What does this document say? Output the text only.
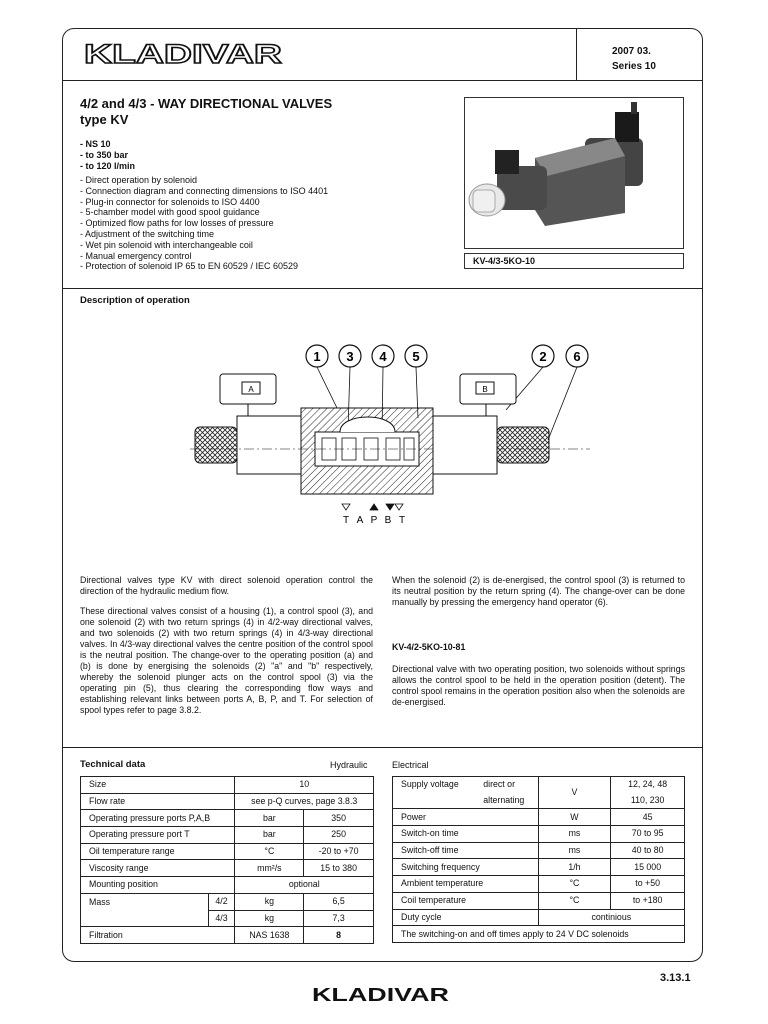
KLADIVAR	2007 03.
Series 10
4/2 and 4/3 - WAY DIRECTIONAL VALVES
type KV
- NS 10
- to 350 bar
- to 120 l/min
- Direct operation by solenoid
- Connection diagram and connecting dimensions to ISO 4401
- Plug-in connector for solenoids to ISO 4400
- 5-chamber model with good spool guidance
- Optimized flow paths for low losses of pressure
- Adjustment of the switching time
- Wet pin solenoid with interchangeable coil
- Manual emergency control
- Protection of solenoid IP 65 to EN 60529 / IEC 60529
KV-4/3-5KO-10
Description of operation
1 3 4 5	2 6
A	B
T A P B T

Directional valves type KV with direct solenoid operation control the direction of the hydraulic medium flow.

These directional valves consist of a housing (1), a control spool (3), and one solenoid (2) with two return springs (4) in 4/2-way directional valves, and two solenoids (2) with two return springs (4) in 4/3-way directional valves. In 4/3-way directional valves the centre position of the control spool is the neutral position. The change-over to the operating position (a) and (b) is done by energising the solenoids (2) "a" and "b" respectively, whereby the solenoid plunger acts on the control spool (3) via the operating pin (5), thus clearing the corresponding flow ways and establishing relevant links between ports A, B, P, and T. For selection of spool types refer to page 3.8.2.

When the solenoid (2) is de-energised, the control spool (3) is returned to its neutral position by the return spring (4). The change-over can be done manually by pressing the emergency hand operator (6).

KV-4/2-5KO-10-81

Directional valve with two operating position, two solenoids without springs allows the control spool to be held in the operation position (detent). The control spool remains in the operation position also when the solenoids are de-energised.

Technical data	Hydraulic	Electrical
Size		10	
Flow rate		see p-Q curves, page 3.8.3	
Operating pressure ports P,A,B		bar	350
Operating pressure port T		bar	250
Oil temperature range		°C	-20 to +70
Viscosity range		mm²/s	15 to 380
Mounting position		optional	
Mass	4/2	kg	6,5
	4/3	kg	7,3
Filtration		NAS 1638	8
Supply voltage	direct or	V	12, 24, 48
	alternating		110, 230
Power		W	45
Switch-on time		ms	70 to 95
Switch-off time		ms	40 to 80
Switching frequency		1/h	15 000
Ambient temperature		°C	to +50
Coil temperature		°C	to +180
Duty cycle		continious	
The switching-on and off times apply to 24 V DC solenoids			
3.13.1
KLADIVAR
